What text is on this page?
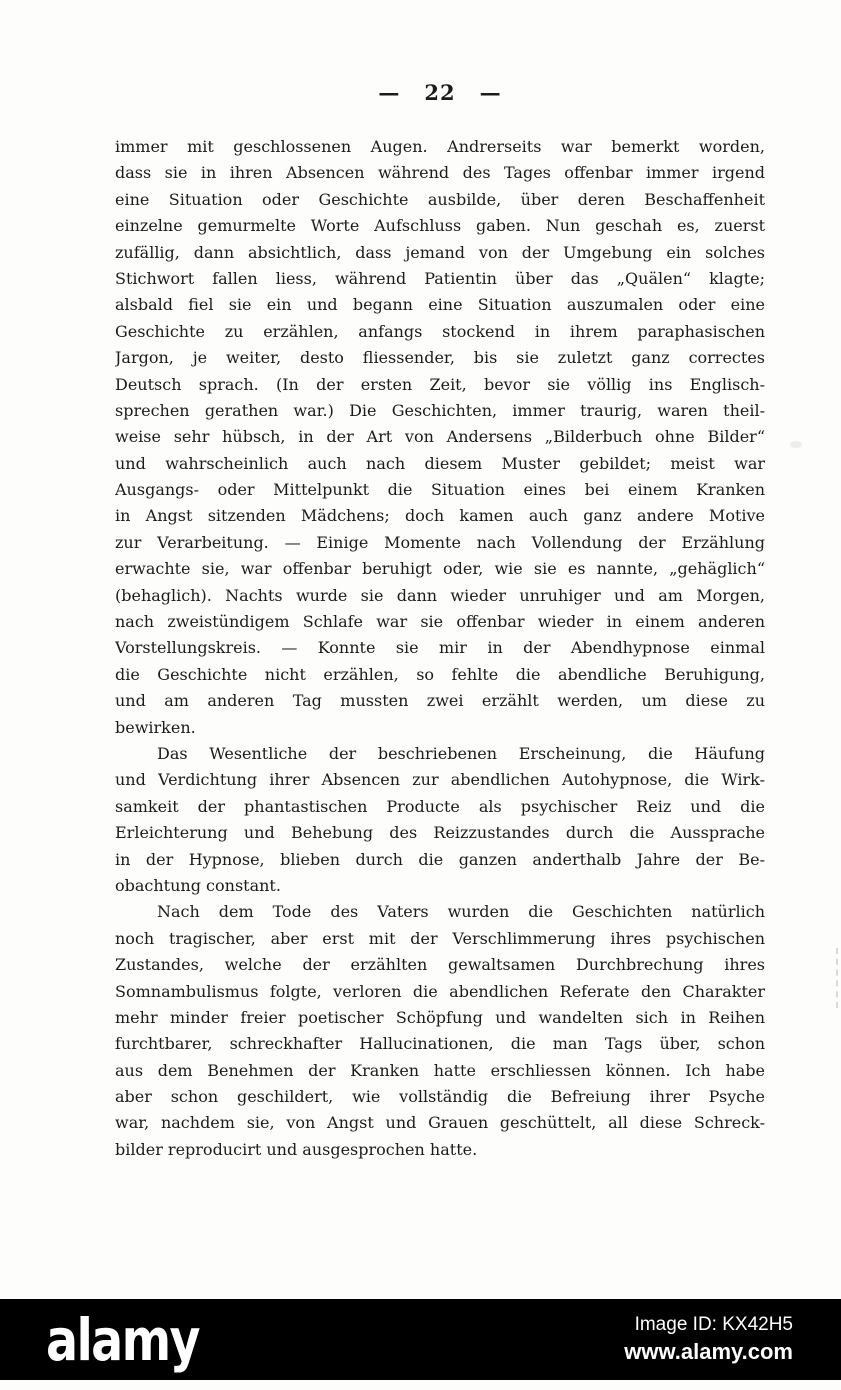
— 22 —
immer mit geschlossenen Augen. Andrerseits war bemerkt worden,
dass sie in ihren Absencen während des Tages offenbar immer irgend
eine Situation oder Geschichte ausbilde, über deren Beschaffenheit
einzelne gemurmelte Worte Aufschluss gaben. Nun geschah es, zuerst
zufällig, dann absichtlich, dass jemand von der Umgebung ein solches
Stichwort fallen liess, während Patientin über das „Quälen“ klagte;
alsbald fiel sie ein und begann eine Situation auszumalen oder eine
Geschichte zu erzählen, anfangs stockend in ihrem paraphasischen
Jargon, je weiter, desto fliessender, bis sie zuletzt ganz correctes
Deutsch sprach. (In der ersten Zeit, bevor sie völlig ins Englisch-
sprechen gerathen war.) Die Geschichten, immer traurig, waren theil-
weise sehr hübsch, in der Art von Andersens „Bilderbuch ohne Bilder“
und wahrscheinlich auch nach diesem Muster gebildet; meist war
Ausgangs- oder Mittelpunkt die Situation eines bei einem Kranken
in Angst sitzenden Mädchens; doch kamen auch ganz andere Motive
zur Verarbeitung. — Einige Momente nach Vollendung der Erzählung
erwachte sie, war offenbar beruhigt oder, wie sie es nannte, „gehäglich“
(behaglich). Nachts wurde sie dann wieder unruhiger und am Morgen,
nach zweistündigem Schlafe war sie offenbar wieder in einem anderen
Vorstellungskreis. — Konnte sie mir in der Abendhypnose einmal
die Geschichte nicht erzählen, so fehlte die abendliche Beruhigung,
und am anderen Tag mussten zwei erzählt werden, um diese zu
bewirken.
Das Wesentliche der beschriebenen Erscheinung, die Häufung
und Verdichtung ihrer Absencen zur abendlichen Autohypnose, die Wirk-
samkeit der phantastischen Producte als psychischer Reiz und die
Erleichterung und Behebung des Reizzustandes durch die Aussprache
in der Hypnose, blieben durch die ganzen anderthalb Jahre der Be-
obachtung constant.
Nach dem Tode des Vaters wurden die Geschichten natürlich
noch tragischer, aber erst mit der Verschlimmerung ihres psychischen
Zustandes, welche der erzählten gewaltsamen Durchbrechung ihres
Somnambulismus folgte, verloren die abendlichen Referate den Charakter
mehr minder freier poetischer Schöpfung und wandelten sich in Reihen
furchtbarer, schreckhafter Hallucinationen, die man Tags über, schon
aus dem Benehmen der Kranken hatte erschliessen können. Ich habe
aber schon geschildert, wie vollständig die Befreiung ihrer Psyche
war, nachdem sie, von Angst und Grauen geschüttelt, all diese Schreck-
bilder reproducirt und ausgesprochen hatte.
alamy	Image ID: KX42H5
www.alamy.com
